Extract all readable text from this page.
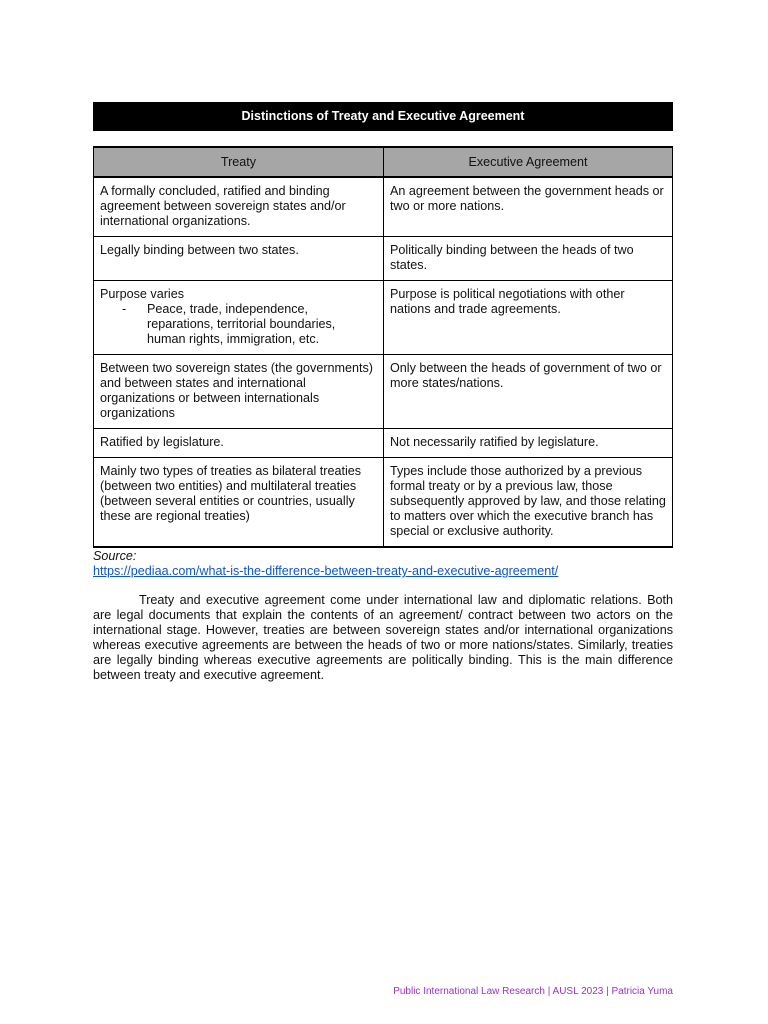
Distinctions of Treaty and Executive Agreement
Treaty	Executive Agreement
A formally concluded, ratified and binding agreement between sovereign states and/or international organizations.	An agreement between the government heads or two or more nations.
Legally binding between two states.	Politically binding between the heads of two states.

Purpose varies
- Peace, trade, independence, reparations, territorial boundaries, human rights, immigration, etc.	Purpose is political negotiations with other nations and trade agreements.
Between two sovereign states (the governments) and between states and international organizations or between internationals organizations	Only between the heads of government of two or more states/nations.
Ratified by legislature.	Not necessarily ratified by legislature.
Mainly two types of treaties as bilateral treaties (between two entities) and multilateral treaties (between several entities or countries, usually these are regional treaties)	Types include those authorized by a previous formal treaty or by a previous law, those subsequently approved by law, and those relating to matters over which the executive branch has special or exclusive authority.
Source:
https://pediaa.com/what-is-the-difference-between-treaty-and-executive-agreement/

Treaty and executive agreement come under international law and diplomatic relations. Both are legal documents that explain the contents of an agreement/ contract between two actors on the international stage. However, treaties are between sovereign states and/or international organizations whereas executive agreements are between the heads of two or more nations/states. Similarly, treaties are legally binding whereas executive agreements are politically binding. This is the main difference between treaty and executive agreement.

Public International Law Research | AUSL 2023 | Patricia Yuma
